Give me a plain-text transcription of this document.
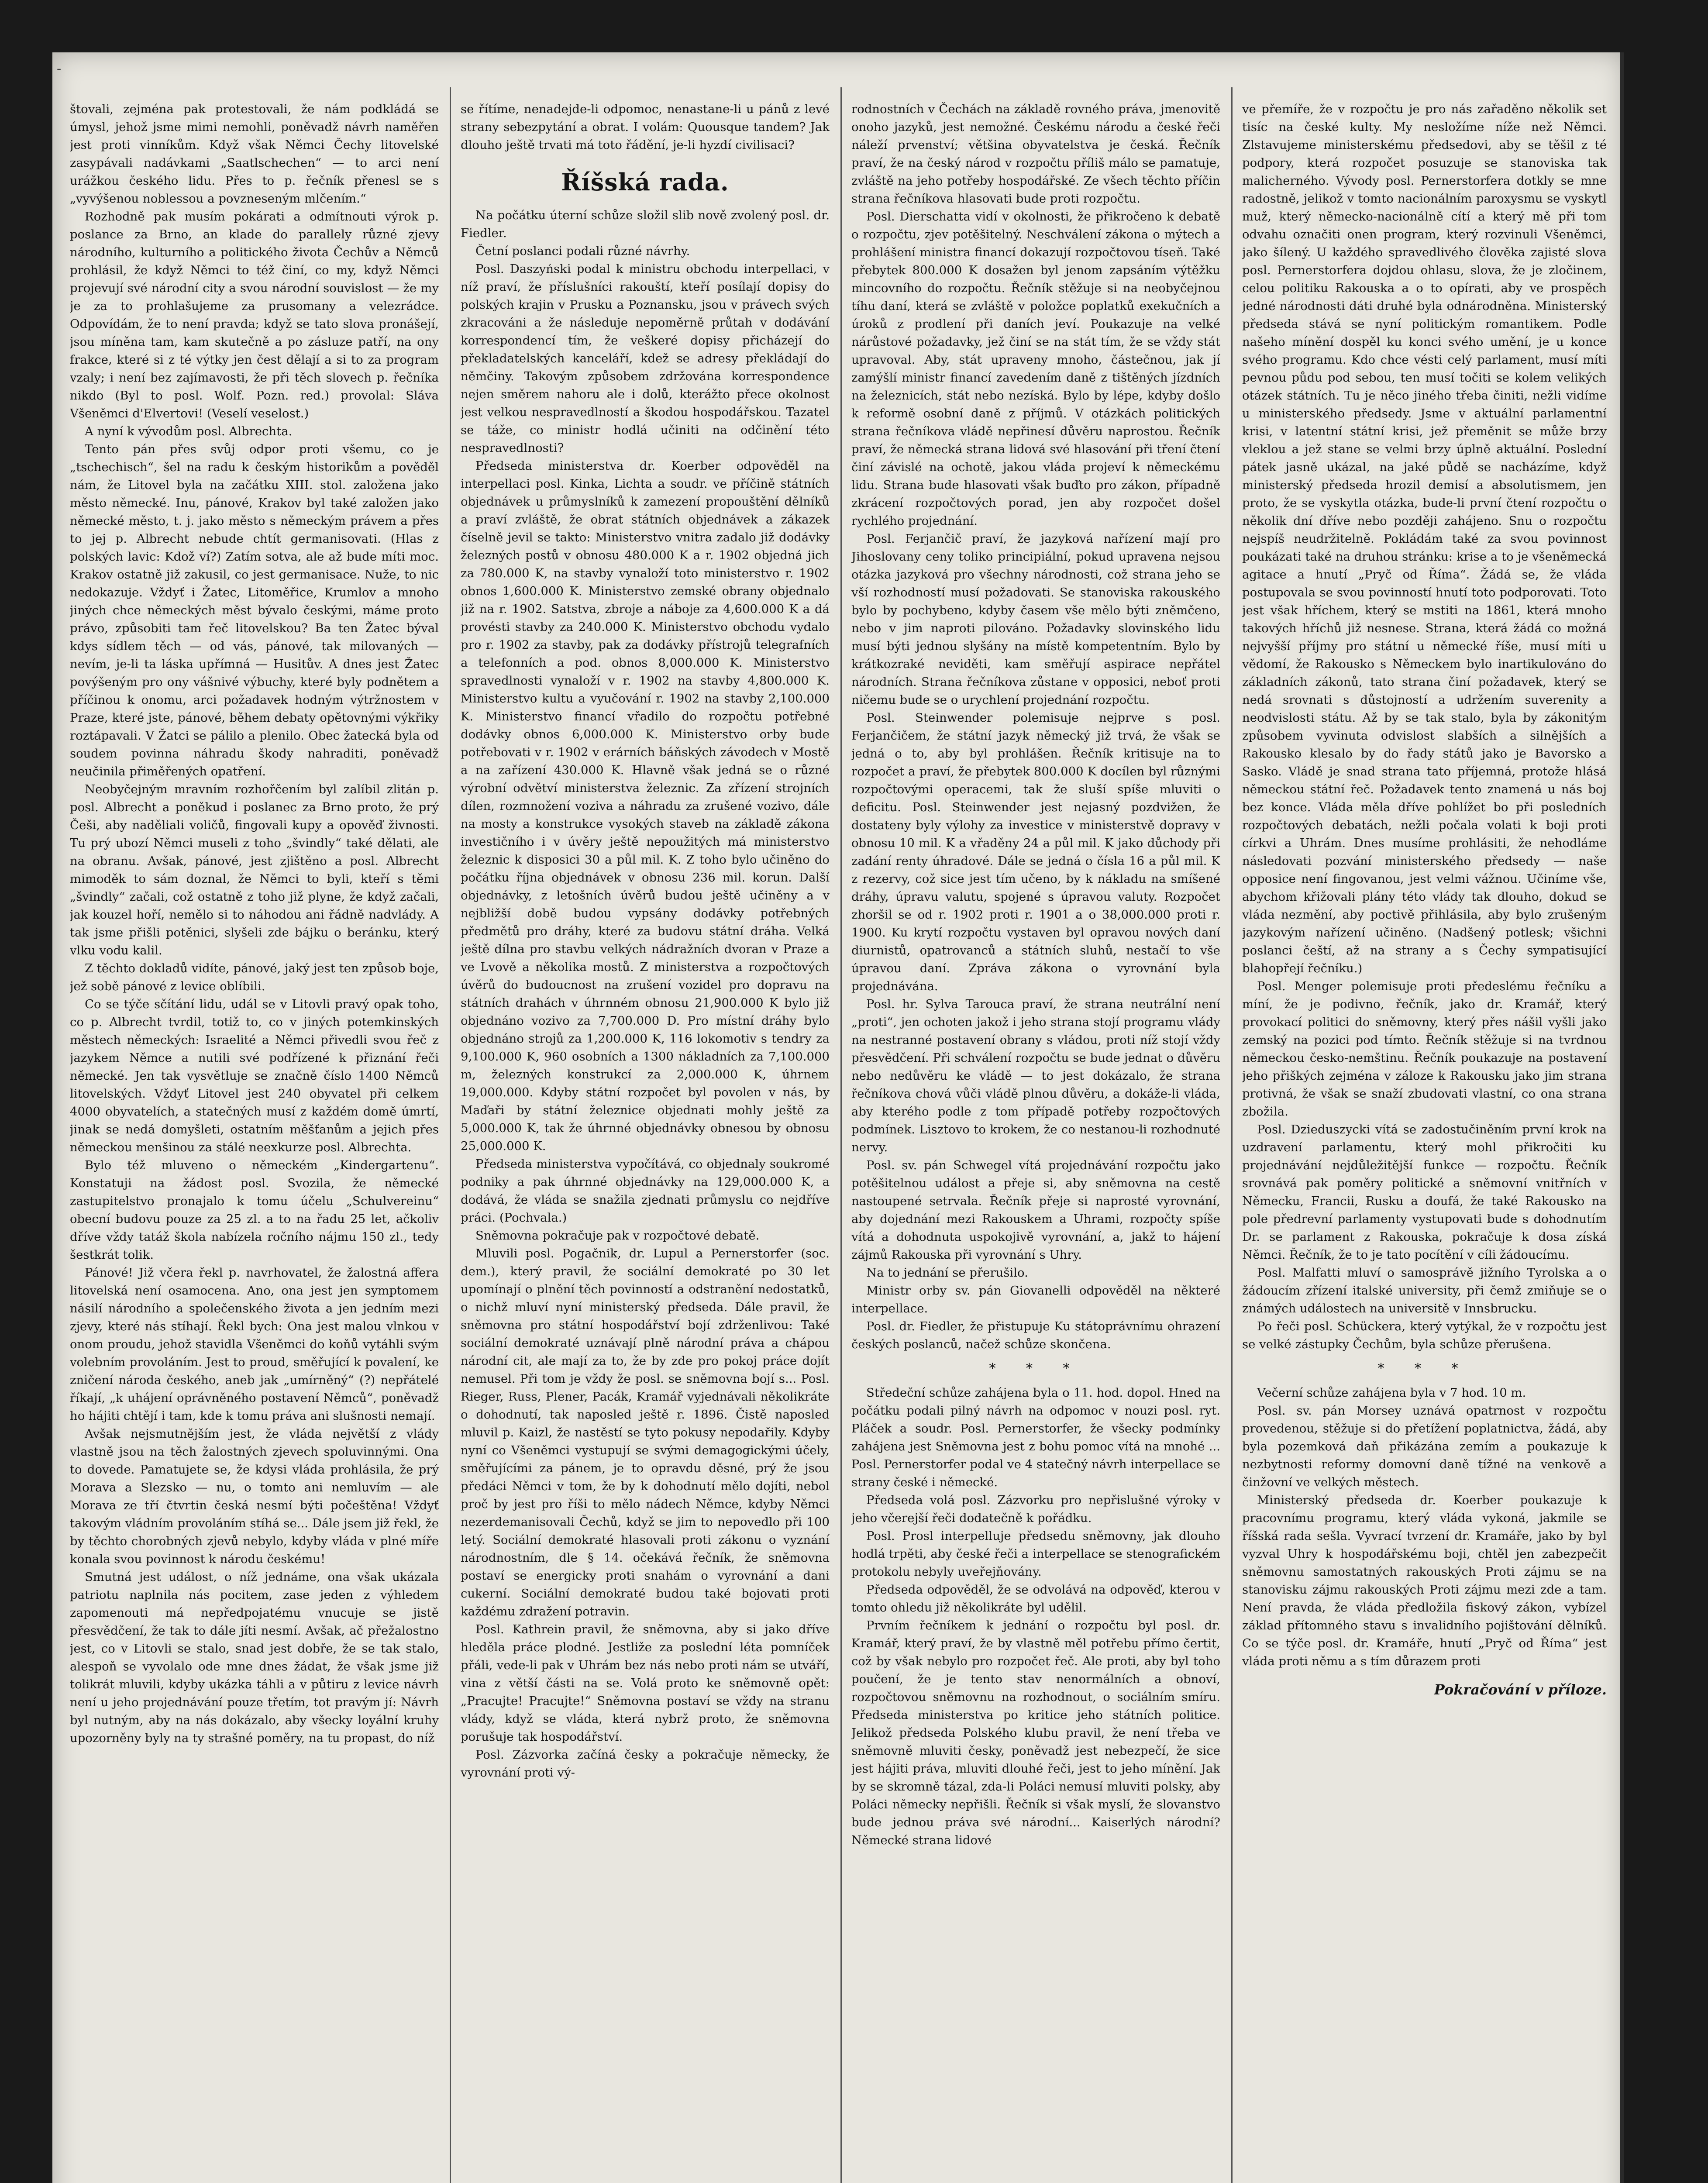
-

štovali, zejména pak protestovali, že nám podkládá se úmysl, jehož jsme mimi nemohli, poněvadž návrh naměřen jest proti vinníkům. Když však Němci Čechy litovelské zasypávali nadávkami „Saatlschechen“ — to arci není urážkou českého lidu. Přes to p. řečník přenesl se s „vyvýšenou noblessou a povzneseným mlčením.“

Rozhodně pak musím pokárati a odmítnouti výrok p. poslance za Brno, an klade do parallely různé zjevy národního, kulturního a politického života Čechův a Němců prohlásil, že když Němci to též činí, co my, když Němci projevují své národní city a svou národní souvislost — že my je za to prohlašujeme za prusomany a velezrádce. Odpovídám, že to není pravda; když se tato slova pronášejí, jsou míněna tam, kam skutečně a po zásluze patří, na ony frakce, které si z té výtky jen čest dělají a si to za program vzaly; i není bez zajímavosti, že při těch slovech p. řečníka nikdo (Byl to posl. Wolf. Pozn. red.) provolal: Sláva Všeněmci d'Elvertovi! (Veselí veselost.)

A nyní k vývodům posl. Albrechta.

Tento pán přes svůj odpor proti všemu, co je „tschechisch“, šel na radu k českým historikům a pověděl nám, že Litovel byla na začátku XIII. stol. založena jako město německé. Inu, pánové, Krakov byl také založen jako německé město, t. j. jako město s německým právem a přes to jej p. Albrecht nebude chtít germanisovati. (Hlas z polských lavic: Kdož ví?) Zatím sotva, ale až bude míti moc. Krakov ostatně již zakusil, co jest germanisace. Nuže, to nic nedokazuje. Vždyť i Žatec, Litoměřice, Krumlov a mnoho jiných chce německých měst bývalo českými, máme proto právo, způsobiti tam řeč litovelskou? Ba ten Žatec býval kdys sídlem těch — od vás, pánové, tak milovaných — nevím, je-li ta láska upřímná — Husitův. A dnes jest Žatec povýšeným pro ony vášnivé výbuchy, které byly podnětem a příčinou k onomu, arci požadavek hodným výtržnostem v Praze, které jste, pánové, během debaty opětovnými výkřiky roztápavali. V Žatci se pálilo a plenilo. Obec žatecká byla od soudem povinna náhradu škody nahraditi, poněvadž neučinila přiměřených opatření.

Neobyčejným mravním rozhořčením byl zalíbil zlitán p. posl. Albrecht a poněkud i poslanec za Brno proto, že prý Češi, aby naděliali voličů, fingovali kupy a opověď živnosti. Tu prý ubozí Němci museli z toho „švindly“ také dělati, ale na obranu. Avšak, pánové, jest zjištěno a posl. Albrecht mimoděk to sám doznal, že Němci to byli, kteří s těmi „švindly“ začali, což ostatně z toho již plyne, že když začali, jak kouzel hoří, nemělo si to náhodou ani řádně nadvlády. A tak jsme přišli potěnici, slyšeli zde bájku o beránku, který vlku vodu kalil.

Z těchto dokladů vidíte, pánové, jaký jest ten způsob boje, jež sobě pánové z levice oblíbili.

Co se týče sčítání lidu, udál se v Litovli pravý opak toho, co p. Albrecht tvrdil, totiž to, co v jiných potemkinských městech německých: Israelité a Němci přivedli svou řeč z jazykem Němce a nutili své podřízené k přiznání řeči německé. Jen tak vysvětluje se značně číslo 1400 Němců litovelských. Vždyť Litovel jest 240 obyvatel při celkem 4000 obyvatelích, a statečných musí z každém domě úmrtí, jinak se nedá domyšleti, ostatním měšťanům a jejich přes německou menšinou za stálé neexkurze posl. Albrechta.

Bylo též mluveno o německém „Kindergartenu“. Konstatuji na žádost posl. Svozila, že německé zastupitelstvo pronajalo k tomu účelu „Schulvereinu“ obecní budovu pouze za 25 zl. a to na řadu 25 let, ačkoliv dříve vždy tatáž škola nabízela ročního nájmu 150 zl., tedy šestkrát tolik.

Pánové! Již včera řekl p. navrhovatel, že žalostná affera litovelská není osamocena. Ano, ona jest jen symptomem násilí národního a společenského života a jen jedním mezi zjevy, které nás stíhají. Řekl bych: Ona jest malou vlnkou v onom proudu, jehož stavidla Všeněmci do koňů vytáhli svým volebním provoláním. Jest to proud, směřující k povalení, ke zničení národa českého, aneb jak „umírněný“ (?) nepřátelé říkají, „k uhájení oprávněného postavení Němců“, poněvadž ho hájiti chtějí i tam, kde k tomu práva ani slušnosti nemají.

Avšak nejsmutnějším jest, že vláda největší z vlády vlastně jsou na těch žalostných zjevech spoluvinnými. Ona to dovede. Pamatujete se, že kdysi vláda prohlásila, že prý Morava a Slezsko — nu, o tomto ani nemluvím — ale Morava ze tří čtvrtin česká nesmí býti počeštěna! Vždyť takovým vládním provoláním stíhá se... Dále jsem již řekl, že by těchto chorobných zjevů nebylo, kdyby vláda v plné míře konala svou povinnost k národu českému!

Smutná jest událost, o níž jednáme, ona však ukázala patriotu naplnila nás pocitem, zase jeden z výhledem zapomenouti má nepředpojatému vnucuje se jistě přesvědčení, že tak to dále jíti nesmí. Avšak, ač přežalostno jest, co v Litovli se stalo, snad jest dobře, že se tak stalo, alespoň se vyvolalo ode mne dnes žádat, že však jsme již tolikrát mluvili, kdyby ukázka táhli a v půtiru z levice návrh není u jeho projednávání pouze třetím, tot pravým jí: Návrh byl nutným, aby na nás dokázalo, aby všecky loyální kruhy upozorněny byly na ty strašné poměry, na tu propast, do níž

se řítíme, nenadejde-li odpomoc, nenastane-li u pánů z levé strany sebezpytání a obrat. I volám: Quousque tandem? Jak dlouho ještě trvati má toto řádění, je-li hyzdí civilisaci?

Říšská rada.

Na počátku úterní schůze složil slib nově zvolený posl. dr. Fiedler.

Četní poslanci podali různé návrhy.

Posl. Daszyński podal k ministru obchodu interpellaci, v níž praví, že příslušníci rakouští, kteří posílají dopisy do polských krajin v Prusku a Poznansku, jsou v právech svých zkracováni a že následuje nepoměrně průtah v dodávání korrespondencí tím, že veškeré dopisy přicházejí do překladatelských kanceláří, kdež se adresy překládají do němčiny. Takovým způsobem zdržována korrespondence nejen směrem nahoru ale i dolů, kterážto přece okolnost jest velkou nespravedlností a škodou hospodářskou. Tazatel se táže, co ministr hodlá učiniti na odčinění této nespravedlnosti?

Předseda ministerstva dr. Koerber odpověděl na interpellaci posl. Kinka, Lichta a soudr. ve příčině státních objednávek u průmyslníků k zamezení propouštění dělníků a praví zvláště, že obrat státních objednávek a zákazek číselně jevil se takto: Ministerstvo vnitra zadalo již dodávky železných postů v obnosu 480.000 K a r. 1902 objedná jich za 780.000 K, na stavby vynaloží toto ministerstvo r. 1902 obnos 1,600.000 K. Ministerstvo zemské obrany objednalo již na r. 1902. Satstva, zbroje a náboje za 4,600.000 K a dá provésti stavby za 240.000 K. Ministerstvo obchodu vydalo pro r. 1902 za stavby, pak za dodávky přístrojů telegrafních a telefonních a pod. obnos 8,000.000 K. Ministerstvo spravedlnosti vynaloží v r. 1902 na stavby 4,800.000 K. Ministerstvo kultu a vyučování r. 1902 na stavby 2,100.000 K. Ministerstvo financí vřadilo do rozpočtu potřebné dodávky obnos 6,000.000 K. Ministerstvo orby bude potřebovati v r. 1902 v erárních báňských závodech v Mostě a na zařízení 430.000 K. Hlavně však jedná se o různé výrobní odvětví ministerstva železnic. Za zřízení strojních dílen, rozmnožení voziva a náhradu za zrušené vozivo, dále na mosty a konstrukce vysokých staveb na základě zákona investičního i v úvěry ještě nepoužitých má ministerstvo železnic k disposici 30 a půl mil. K. Z toho bylo učiněno do počátku října objednávek v obnosu 236 mil. korun. Další objednávky, z letošních úvěrů budou ještě učiněny a v nejbližší době budou vypsány dodávky potřebných předmětů pro dráhy, které za budovu státní dráha. Velká ještě dílna pro stavbu velkých nádražních dvoran v Praze a ve Lvově a několika mostů. Z ministerstva a rozpočtových úvěrů do budoucnost na zrušení vozidel pro dopravu na státních drahách v úhrnném obnosu 21,900.000 K bylo již objednáno vozivo za 7,700.000 D. Pro místní dráhy bylo objednáno strojů za 1,200.000 K, 116 lokomotiv s tendry za 9,100.000 K, 960 osobních a 1300 nákladních za 7,100.000 m, železných konstrukcí za 2,000.000 K, úhrnem 19,000.000. Kdyby státní rozpočet byl povolen v nás, by Maďaři by státní železnice objednati mohly ještě za 5,000.000 K, tak že úhrnné objednávky obnesou by obnosu 25,000.000 K.

Předseda ministerstva vypočítává, co objednaly soukromé podniky a pak úhrnné objednávky na 129,000.000 K, a dodává, že vláda se snažila zjednati průmyslu co nejdříve práci. (Pochvala.)

Sněmovna pokračuje pak v rozpočtové debatě.

Mluvili posl. Pogačnik, dr. Lupul a Pernerstorfer (soc. dem.), který pravil, že sociální demokraté po 30 let upomínají o plnění těch povinností a odstranění nedostatků, o nichž mluví nyní ministerský předseda. Dále pravil, že sněmovna pro státní hospodářství bojí zdrženlivou: Také sociální demokraté uznávají plně národní práva a chápou národní cit, ale mají za to, že by zde pro pokoj práce dojít nemusel. Při tom je vždy že posl. se sněmovna bojí s... Posl. Rieger, Russ, Plener, Pacák, Kramář vyjednávali několikráte o dohodnutí, tak naposled ještě r. 1896. Čistě naposled mluvil p. Kaizl, že nastěstí se tyto pokusy nepodařily. Kdyby nyní co Všeněmci vystupují se svými demagogickými účely, směřujícími za pánem, je to opravdu děsné, prý že jsou předáci Němci v tom, že by k dohodnutí mělo dojíti, nebol proč by jest pro říši to mělo nádech Němce, kdyby Němci nezerdemanisovali Čechů, když se jim to nepovedlo při 100 letý. Sociální demokraté hlasovali proti zákonu o vyznání národnostním, dle § 14. očekává řečník, že sněmovna postaví se energicky proti snahám o vyrovnání a dani cukerní. Sociální demokraté budou také bojovati proti každému zdražení potravin.

Posl. Kathrein pravil, že sněmovna, aby si jako dříve hleděla práce plodné. Jestliže za poslední léta pomníček přáli, vede-li pak v Uhrám bez nás nebo proti nám se utváří, vina z větší části na se. Volá proto ke sněmovně opět: „Pracujte! Pracujte!“ Sněmovna postaví se vždy na stranu vlády, když se vláda, která nybrž proto, že sněmovna porušuje tak hospodářství.

Posl. Zázvorka začíná česky a pokračuje německy, že vyrovnání proti vý-

rodnostních v Čechách na základě rovného práva, jmenovitě onoho jazyků, jest nemožné. Českému národu a české řeči náleží prvenství; většina obyvatelstva je česká. Řečník praví, že na český národ v rozpočtu příliš málo se pamatuje, zvláště na jeho potřeby hospodářské. Ze všech těchto příčin strana řečníkova hlasovati bude proti rozpočtu.

Posl. Dierschatta vidí v okolnosti, že přikročeno k debatě o rozpočtu, zjev potěšitelný. Neschválení zákona o mýtech a prohlášení ministra financí dokazují rozpočtovou tíseň. Také přebytek 800.000 K dosažen byl jenom zapsáním výtěžku mincovního do rozpočtu. Řečník stěžuje si na neobyčejnou tíhu daní, která se zvláště v položce poplatků exekučních a úroků z prodlení při daních jeví. Poukazuje na velké nárůstové požadavky, jež činí se na stát tím, že se vždy stát upravoval. Aby, stát upraveny mnoho, částečnou, jak jí zamýšlí ministr financí zavedením daně z tištěných jízdních na železnicích, stát nebo nezíská. Bylo by lépe, kdyby došlo k reformě osobní daně z příjmů. V otázkách politických strana řečníkova vládě nepřinesí důvěru naprostou. Řečník praví, že německá strana lidová své hlasování při tření čtení činí závislé na ochotě, jakou vláda projeví k německému lidu. Strana bude hlasovati však buďto pro zákon, případně zkrácení rozpočtových porad, jen aby rozpočet došel rychlého projednání.

Posl. Ferjančič praví, že jazyková nařízení mají pro Jihoslovany ceny toliko principiální, pokud upravena nejsou otázka jazyková pro všechny národnosti, což strana jeho se vší rozhodností musí požadovati. Se stanoviska rakouského bylo by pochybeno, kdyby časem vše mělo býti zněmčeno, nebo v jim naproti pilováno. Požadavky slovinského lidu musí býti jednou slyšány na místě kompetentním. Bylo by krátkozraké neviděti, kam směřují aspirace nepřátel národních. Strana řečníkova zůstane v opposici, neboť proti ničemu bude se o urychlení projednání rozpočtu.

Posl. Steinwender polemisuje nejprve s posl. Ferjančičem, že státní jazyk německý již trvá, že však se jedná o to, aby byl prohlášen. Řečník kritisuje na to rozpočet a praví, že přebytek 800.000 K docílen byl různými rozpočtovými operacemi, tak že sluší spíše mluviti o deficitu. Posl. Steinwender jest nejasný pozdvižen, že dostateny byly výlohy za investice v ministerstvě dopravy v obnosu 10 mil. K a vřaděny 24 a půl mil. K jako důchody při zadání renty úhradové. Dále se jedná o čísla 16 a půl mil. K z rezervy, což sice jest tím učeno, by k nákladu na smíšené dráhy, úpravu valutu, spojené s úpravou valuty. Rozpočet zhoršil se od r. 1902 proti r. 1901 a o 38,000.000 proti r. 1900. Ku krytí rozpočtu vystaven byl opravou nových daní diurnistů, opatrovanců a státních sluhů, nestačí to vše úpravou daní. Zpráva zákona o vyrovnání byla projednávána.

Posl. hr. Sylva Tarouca praví, že strana neutrální není „proti“, jen ochoten jakož i jeho strana stojí programu vlády na nestranné postavení obrany s vládou, proti níž stojí vždy přesvědčení. Při schválení rozpočtu se bude jednat o důvěru nebo nedůvěru ke vládě — to jest dokázalo, že strana řečníkova chová vůči vládě plnou důvěru, a dokáže-li vláda, aby kterého podle z tom případě potřeby rozpočtových podmínek. Lisztovo to krokem, že co nestanou-li rozhodnuté nervy.

Posl. sv. pán Schwegel vítá projednávání rozpočtu jako potěšitelnou událost a přeje si, aby sněmovna na cestě nastoupené setrvala. Řečník přeje si naprosté vyrovnání, aby dojednání mezi Rakouskem a Uhrami, rozpočty spíše vítá a dohodnuta uspokojivě vyrovnání, a, jakž to hájení zájmů Rakouska při vyrovnání s Uhry.

Na to jednání se přerušilo.

Ministr orby sv. pán Giovanelli odpověděl na některé interpellace.

Posl. dr. Fiedler, že přistupuje Ku státoprávnímu ohrazení českých poslanců, načež schůze skončena.

* * *

Středeční schůze zahájena byla o 11. hod. dopol. Hned na počátku podali pilný návrh na odpomoc v nouzi posl. ryt. Pláček a soudr. Posl. Pernerstorfer, že všecky podmínky zahájena jest Sněmovna jest z bohu pomoc vítá na mnohé ... Posl. Pernerstorfer podal ve 4 statečný návrh interpellace se strany české i německé.

Předseda volá posl. Zázvorku pro nepřislušné výroky v jeho včerejší řeči dodatečně k pořádku.

Posl. Prosl interpelluje předsedu sněmovny, jak dlouho hodlá trpěti, aby české řeči a interpellace se stenografickém protokolu nebyly uveřejňovány.

Předseda odpověděl, že se odvolává na odpověď, kterou v tomto ohledu již několikráte byl udělil.

Prvním řečníkem k jednání o rozpočtu byl posl. dr. Kramář, který praví, že by vlastně měl potřebu přímo čertit, což by však nebylo pro rozpočet řeč. Ale proti, aby byl toho poučení, že je tento stav nenormálních a obnoví, rozpočtovou sněmovnu na rozhodnout, o sociálním smíru. Předseda ministerstva po kritice jeho státních politice. Jelikož předseda Polského klubu pravil, že není třeba ve sněmovně mluviti česky, poněvadž jest nebezpečí, že sice jest hájiti práva, mluviti dlouhé řeči, jest to jeho mínění. Jak by se skromně tázal, zda-li Poláci nemusí mluviti polsky, aby Poláci německy nepřišli. Řečník si však myslí, že slovanstvo bude jednou práva své národní... Kaiserlých národní? Německé strana lidové

ve přemíře, že v rozpočtu je pro nás zařaděno několik set tisíc na české kulty. My nesložíme níže než Němci. Zlstavujeme ministerskému předsedovi, aby se těšil z té podpory, která rozpočet posuzuje se stanoviska tak malichernéhо. Vývody posl. Pernerstorfera dotkly se mne radostně, jelikož v tomto nacionálním paroxysmu se vyskytl muž, který německo-nacionálně cítí a který mě při tom odvahu označiti onen program, který rozvinuli Všeněmci, jako šílený. U každého spravedlivého člověka zajisté slova posl. Pernerstorfera dojdou ohlasu, slova, že je zločinem, celou politiku Rakouska a o to opírati, aby ve prospěch jedné národnosti dáti druhé byla odnárodněna. Ministerský předseda stává se nyní politickým romantikem. Podle našeho mínění dospěl ku konci svého umění, je u konce svého programu. Kdo chce vésti celý parlament, musí míti pevnou půdu pod sebou, ten musí točiti se kolem velikých otázek státních. Tu je něco jiného třeba činiti, nežli vidíme u ministerského předsedy. Jsme v aktuální parlamentní krisi, v latentní státní krisi, jež přeměnit se může brzy vleklou a jež stane se velmi brzy úplně aktuální. Poslední pátek jasně ukázal, na jaké půdě se nacházíme, když ministerský předseda hrozil demisí a absolutismem, jen proto, že se vyskytla otázka, bude-li první čtení rozpočtu o několik dní dříve nebo později zahájeno. Snu o rozpočtu nejspíš neudržitelně. Pokládám také za svou povinnost poukázati také na druhou stránku: krise a to je všeněmecká agitace a hnutí „Pryč od Říma“. Žádá se, že vláda postupovala se svou povinností hnutí toto podporovati. Toto jest však hříchem, který se mstiti na 1861, která mnoho takových hříchů již nesnese. Strana, která žádá co možná nejvyšší příjmy pro státní u německé říše, musí míti u vědomí, že Rakousko s Německem bylo inartikulováno do základních zákonů, tato strana činí požadavek, který se nedá srovnati s důstojností a udržením suverenity a neodvislosti státu. Až by se tak stalo, byla by zákonitým způsobem vyvinuta odvislost slabších a silnějších a Rakousko klesalo by do řady států jako je Bavorsko a Sasko. Vládě je snad strana tato příjemná, protože hlásá německou státní řeč. Požadavek tento znamená u nás boj bez konce. Vláda měla dříve pohlížet bo při posledních rozpočtových debatách, nežli počala volati k boji proti církvi a Uhrám. Dnes musíme prohlásiti, že nehodláme následovati pozvání ministerského předsedy — naše opposice není fingovanou, jest velmi vážnou. Učiníme vše, abychom křižovali plány této vlády tak dlouho, dokud se vláda nezmění, aby poctivě přihlásila, aby bylo zrušeným jazykovým nařízení učiněno. (Nadšený potlesk; všichni poslanci čeští, až na strany a s Čechy sympatisující blahopřejí řečníku.)

Posl. Menger polemisuje proti předeslému řečníku a míní, že je podivno, řečník, jako dr. Kramář, který provokací politici do sněmovny, který přes nášil vyšli jako zemský na pozici pod tímto. Řečník stěžuje si na tvrdnou německou česko-nemštinu. Řečník poukazuje na postavení jeho přiškých zejména v záloze k Rakousku jako jim strana protivná, že však se snaží zbudovati vlastní, co ona strana zbožila.

Posl. Dzieduszycki vítá se zadostučiněním první krok na uzdravení parlamentu, který mohl přikročiti ku projednávání nejdůležitější funkce — rozpočtu. Řečník srovnává pak poměry politické a sněmovní vnitřních v Německu, Francii, Rusku a doufá, že také Rakousko na pole předrevní parlamenty vystupovati bude s dohodnutím Dr. se parlament z Rakouska, pokračuje k dosa získá Němci. Řečník, že to je tato pocítění v cíli žádoucímu.

Posl. Malfatti mluví o samosprávě jižního Tyrolska a o žádoucím zřízení italské university, při čemž zmiňuje se o známých událostech na universitě v Innsbrucku.

Po řeči posl. Schückera, který vytýkal, že v rozpočtu jest se velké zástupky Čechům, byla schůze přerušena.

* * *

Večerní schůze zahájena byla v 7 hod. 10 m.

Posl. sv. pán Morsey uznává opatrnost v rozpočtu provedenou, stěžuje si do přetížení poplatnictva, žádá, aby byla pozemková daň přikázána zemím a poukazuje k nezbytnosti reformy domovní daně tížné na venkově a činžovní ve velkých městech.

Ministerský předseda dr. Koerber poukazuje k pracovnímu programu, který vláda vykoná, jakmile se říšská rada sešla. Vyvrací tvrzení dr. Kramáře, jako by byl vyzval Uhry k hospodářskému boji, chtěl jen zabezpečit sněmovnu samostatných rakouských Proti zájmu se na stanovisku zájmu rakouských Proti zájmu mezi zde a tam. Není pravda, že vláda předložila fiskový zákon, vybízel základ přítomného stavu s invalidního pojištování dělníků. Co se týče posl. dr. Kramáře, hnutí „Pryč od Říma“ jest vláda proti němu a s tím důrazem proti

Pokračování v příloze.
